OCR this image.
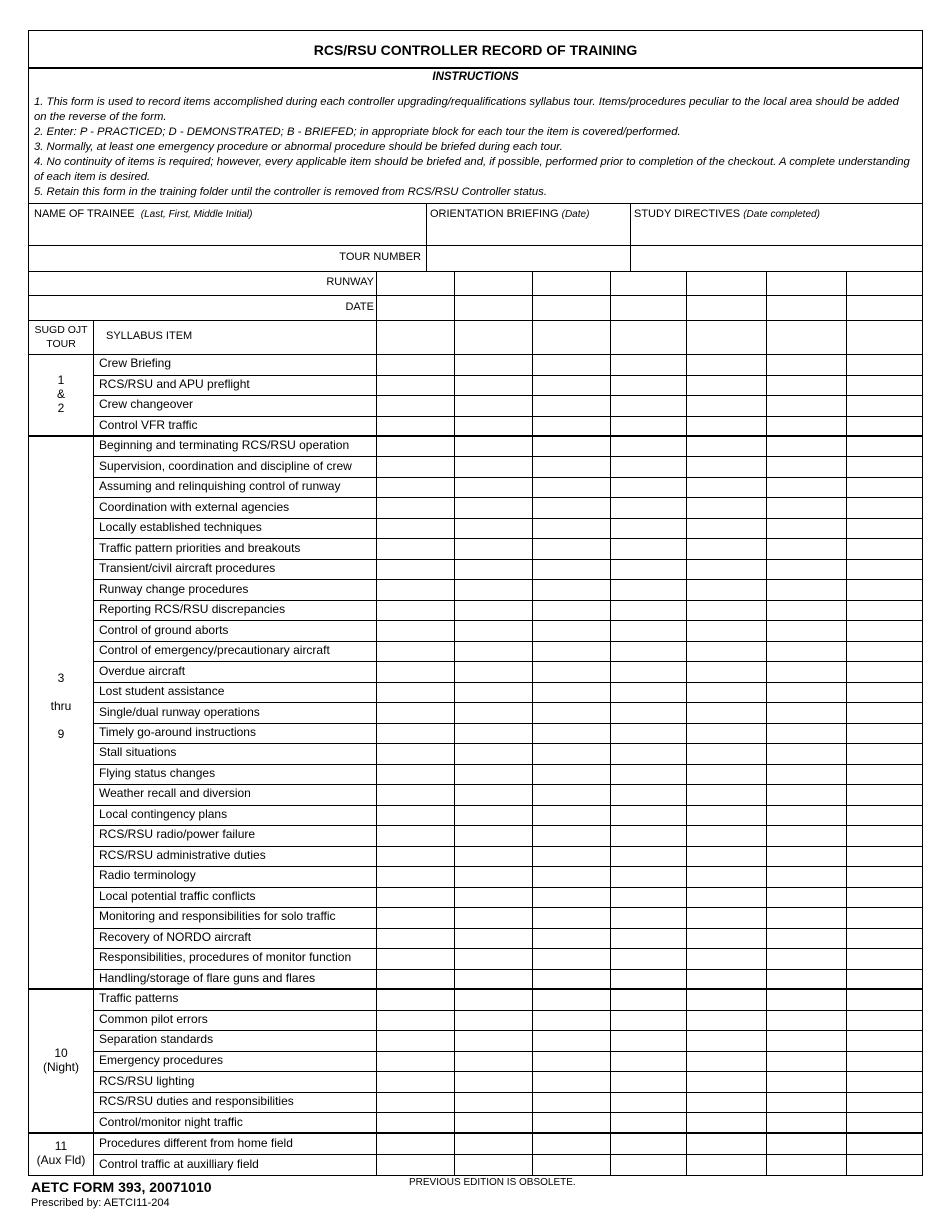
RCS/RSU CONTROLLER RECORD OF TRAINING
INSTRUCTIONS
1. This form is used to record items accomplished during each controller upgrading/requalifications syllabus tour. Items/procedures peculiar to the local area should be added on the reverse of the form.
2. Enter: P - PRACTICED; D - DEMONSTRATED; B - BRIEFED; in appropriate block for each tour the item is covered/performed.
3. Normally, at least one emergency procedure or abnormal procedure should be briefed during each tour.
4. No continuity of items is required; however, every applicable item should be briefed and, if possible, performed prior to completion of the checkout. A complete understanding of each item is desired.
5. Retain this form in the training folder until the controller is removed from RCS/RSU Controller status.
NAME OF TRAINEE (Last, First, Middle Initial)	ORIENTATION BRIEFING (Date)	STUDY DIRECTIVES (Date completed)
TOUR NUMBER
RUNWAY
DATE
SUGD OJT
TOUR
SYLLABUS ITEM
1
&
2
Crew Briefing
RCS/RSU and APU preflight
Crew changeover
Control VFR traffic
3
thru
9
Beginning and terminating RCS/RSU operation
Supervision, coordination and discipline of crew
Assuming and relinquishing control of runway
Coordination with external agencies
Locally established techniques
Traffic pattern priorities and breakouts
Transient/civil aircraft procedures
Runway change procedures
Reporting RCS/RSU discrepancies
Control of ground aborts
Control of emergency/precautionary aircraft
Overdue aircraft
Lost student assistance
Single/dual runway operations
Timely go-around instructions
Stall situations
Flying status changes
Weather recall and diversion
Local contingency plans
RCS/RSU radio/power failure
RCS/RSU administrative duties
Radio terminology
Local potential traffic conflicts
Monitoring and responsibilities for solo traffic
Recovery of NORDO aircraft
Responsibilities, procedures of monitor function
Handling/storage of flare guns and flares
10
(Night)
Traffic patterns
Common pilot errors
Separation standards
Emergency procedures
RCS/RSU lighting
RCS/RSU duties and responsibilities
Control/monitor night traffic
11
(Aux Fld)
Procedures different from home field
Control traffic at auxilliary field
AETC FORM 393, 20071010
Prescribed by: AETCI11-204
PREVIOUS EDITION IS OBSOLETE.
